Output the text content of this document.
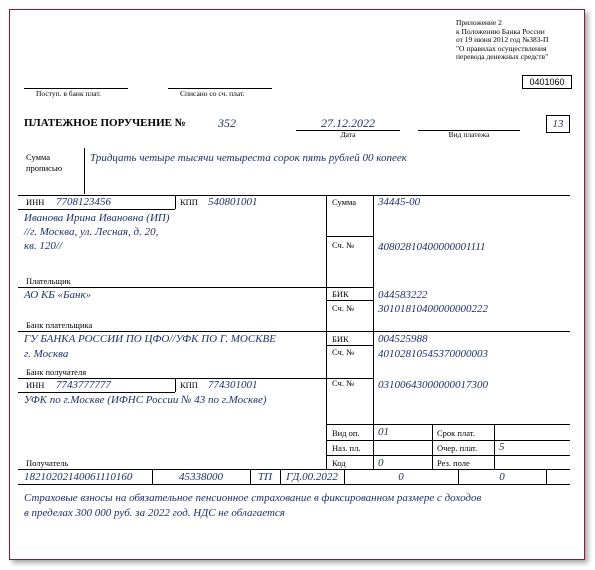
Приложение 2
к Положению Банка России
от 19 июня 2012 год №383-П
"О правилах осуществления
перевода денежных средств"
0401060
Поступ. в банк плат.	Списано со сч. плат.
ПЛАТЕЖНОЕ ПОРУЧЕНИЕ №	352	27.12.2022
Дата	Вид платежа
13
Сумма
прописью
Тридцать четыре тысячи четыреста сорок пять рублей 00 копеек
ИНН 7708123456	КПП 540801001
Иванова Ирина Ивановна (ИП)
//г. Москва, ул. Лесная, д. 20,
кв. 120//
Плательщик
Сумма 34445-00
Сч. № 40802810400000001111
АО КБ «Банк»
Банк плательщика
БИК	044583222
Сч. № 30101810400000000222
ГУ БАНКА РОССИИ ПО ЦФО//УФК ПО Г. МОСКВЕ
г. Москва
Банк получателя
БИК	004525988
Сч. № 40102810545370000003
ИНН 7743777777	КПП 774301001
УФК по г.Москве (ИФНС России № 43 по г.Москве)
Сч. № 03100643000000017300
Получатель
Вид оп. 01	Срок плат.
Наз. пл.	Очер. плат. 5
Код	0	Рез. поле
18210202140061110160	45338000	ТП	ГД.00.2022	0	0
Страховые взносы на обязательное пенсионное страхование в фиксированном размере с доходов
в пределах 300 000 руб. за 2022 год. НДС не облагается
